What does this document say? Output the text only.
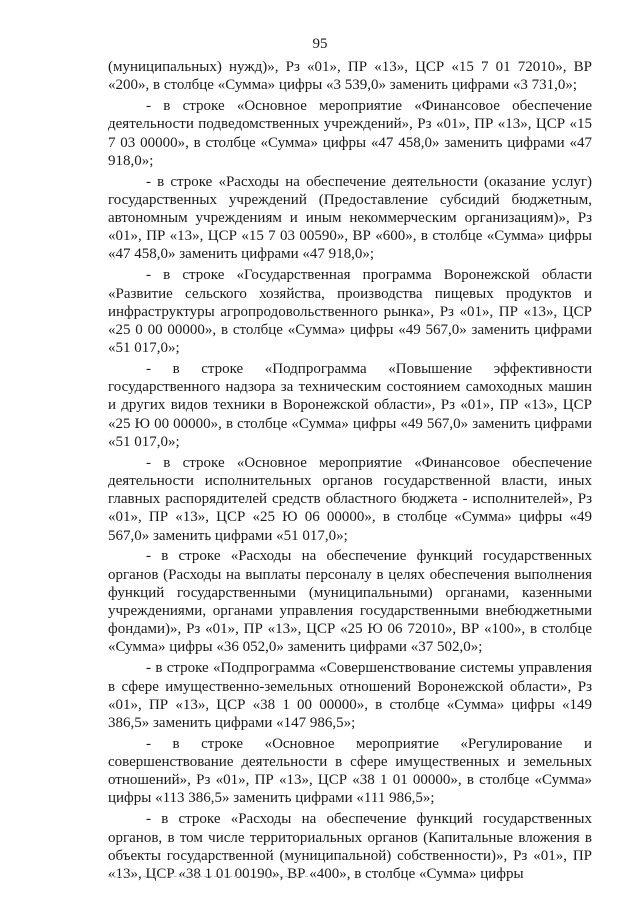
95

(муниципальных) нужд)», Рз «01», ПР «13», ЦСР «15 7 01 72010», ВР «200», в столбце «Сумма» цифры «3 539,0» заменить цифрами «3 731,0»;

- в строке «Основное мероприятие «Финансовое обеспечение деятельности подведомственных учреждений», Рз «01», ПР «13», ЦСР «15 7 03 00000», в столбце «Сумма» цифры «47 458,0» заменить цифрами «47 918,0»;

- в строке «Расходы на обеспечение деятельности (оказание услуг) государственных учреждений (Предоставление субсидий бюджетным, автономным учреждениям и иным некоммерческим организациям)», Рз «01», ПР «13», ЦСР «15 7 03 00590», ВР «600», в столбце «Сумма» цифры «47 458,0» заменить цифрами «47 918,0»;

- в строке «Государственная программа Воронежской области «Развитие сельского хозяйства, производства пищевых продуктов и инфраструктуры агропродовольственного рынка», Рз «01», ПР «13», ЦСР «25 0 00 00000», в столбце «Сумма» цифры «49 567,0» заменить цифрами «51 017,0»;

- в строке «Подпрограмма «Повышение эффективности государственного надзора за техническим состоянием самоходных машин и других видов техники в Воронежской области», Рз «01», ПР «13», ЦСР «25 Ю 00 00000», в столбце «Сумма» цифры «49 567,0» заменить цифрами «51 017,0»;

- в строке «Основное мероприятие «Финансовое обеспечение деятельности исполнительных органов государственной власти, иных главных распорядителей средств областного бюджета - исполнителей», Рз «01», ПР «13», ЦСР «25 Ю 06 00000», в столбце «Сумма» цифры «49 567,0» заменить цифрами «51 017,0»;

- в строке «Расходы на обеспечение функций государственных органов (Расходы на выплаты персоналу в целях обеспечения выполнения функций государственными (муниципальными) органами, казенными учреждениями, органами управления государственными внебюджетными фондами)», Рз «01», ПР «13», ЦСР «25 Ю 06 72010», ВР «100», в столбце «Сумма» цифры «36 052,0» заменить цифрами «37 502,0»;

- в строке «Подпрограмма «Совершенствование системы управления в сфере имущественно-земельных отношений Воронежской области», Рз «01», ПР «13», ЦСР «38 1 00 00000», в столбце «Сумма» цифры «149 386,5» заменить цифрами «147 986,5»;

- в строке «Основное мероприятие «Регулирование и совершенствование деятельности в сфере имущественных и земельных отношений», Рз «01», ПР «13», ЦСР «38 1 01 00000», в столбце «Сумма» цифры «113 386,5» заменить цифрами «111 986,5»;

- в строке «Расходы на обеспечение функций государственных органов, в том числе территориальных органов (Капитальные вложения в объекты государственной (муниципальной) собственности)», Рз «01», ПР «13», ЦСР «38 1 01 00190», ВР «400», в столбце «Сумма» цифры
